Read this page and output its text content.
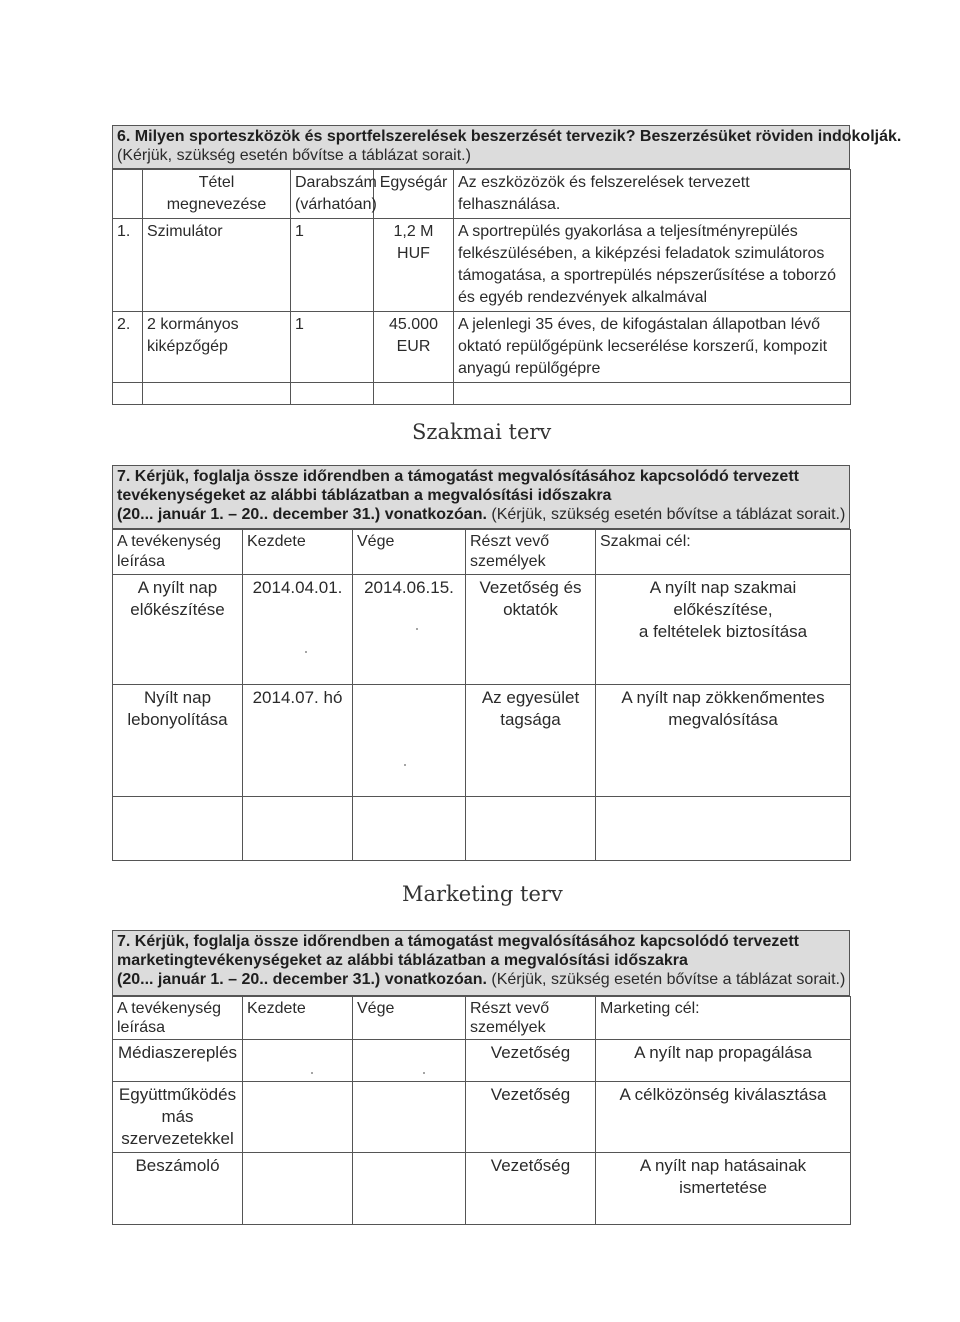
6. Milyen sporteszközök és sportfelszerelések beszerzését tervezik? Beszerzésüket röviden indokolják.
(Kérjük, szükség esetén bővítse a táblázat sorait.)
	Tétel megnevezése	Darabszám
(várhatóan)	Egységár	Az eszközözök és felszerelések tervezett felhasználása.
1.	Szimulátor	1	1,2 M
HUF	A sportrepülés gyakorlása a teljesítményrepülés felkészülésében, a kiképzési feladatok szimulátoros támogatása, a sportrepülés népszerűsítése a toborzó és egyéb rendezvények alkalmával
2.	2 kormányos
kiképzőgép	1	45.000
EUR	A jelenlegi 35 éves, de kifogástalan állapotban lévő oktató repülőgépünk lecserélése korszerű, kompozit anyagú repülőgépre

Szakmai terv
7. Kérjük, foglalja össze időrendben a támogatást megvalósításához kapcsolódó tervezett
tevékenységeket az alábbi táblázatban a megvalósítási időszakra
(20... január 1. – 20.. december 31.) vonatkozóan. (Kérjük, szükség esetén bővítse a táblázat sorait.)
A tevékenység
leírása	Kezdete	Vége	Részt vevő
személyek	Szakmai cél:
A nyílt nap
előkészítése	2014.04.01.	2014.06.15.	Vezetőség és
oktatók	A nyílt nap szakmai előkészítése,
a feltételek biztosítása
Nyílt nap
lebonyolítása	2014.07. hó		Az egyesület
tagsága	A nyílt nap zökkenőmentes
megvalósítása

Marketing terv
7. Kérjük, foglalja össze időrendben a támogatást megvalósításához kapcsolódó tervezett
marketingtevékenységeket az alábbi táblázatban a megvalósítási időszakra
(20... január 1. – 20.. december 31.) vonatkozóan. (Kérjük, szükség esetén bővítse a táblázat sorait.)
A tevékenység
leírása	Kezdete	Vége	Részt vevő
személyek	Marketing cél:
Médiaszereplés			Vezetőség	A nyílt nap propagálása
Együttműködés
más
szervezetekkel			Vezetőség	A célközönség kiválasztása
Beszámoló			Vezetőség	A nyílt nap hatásainak
ismertetése
